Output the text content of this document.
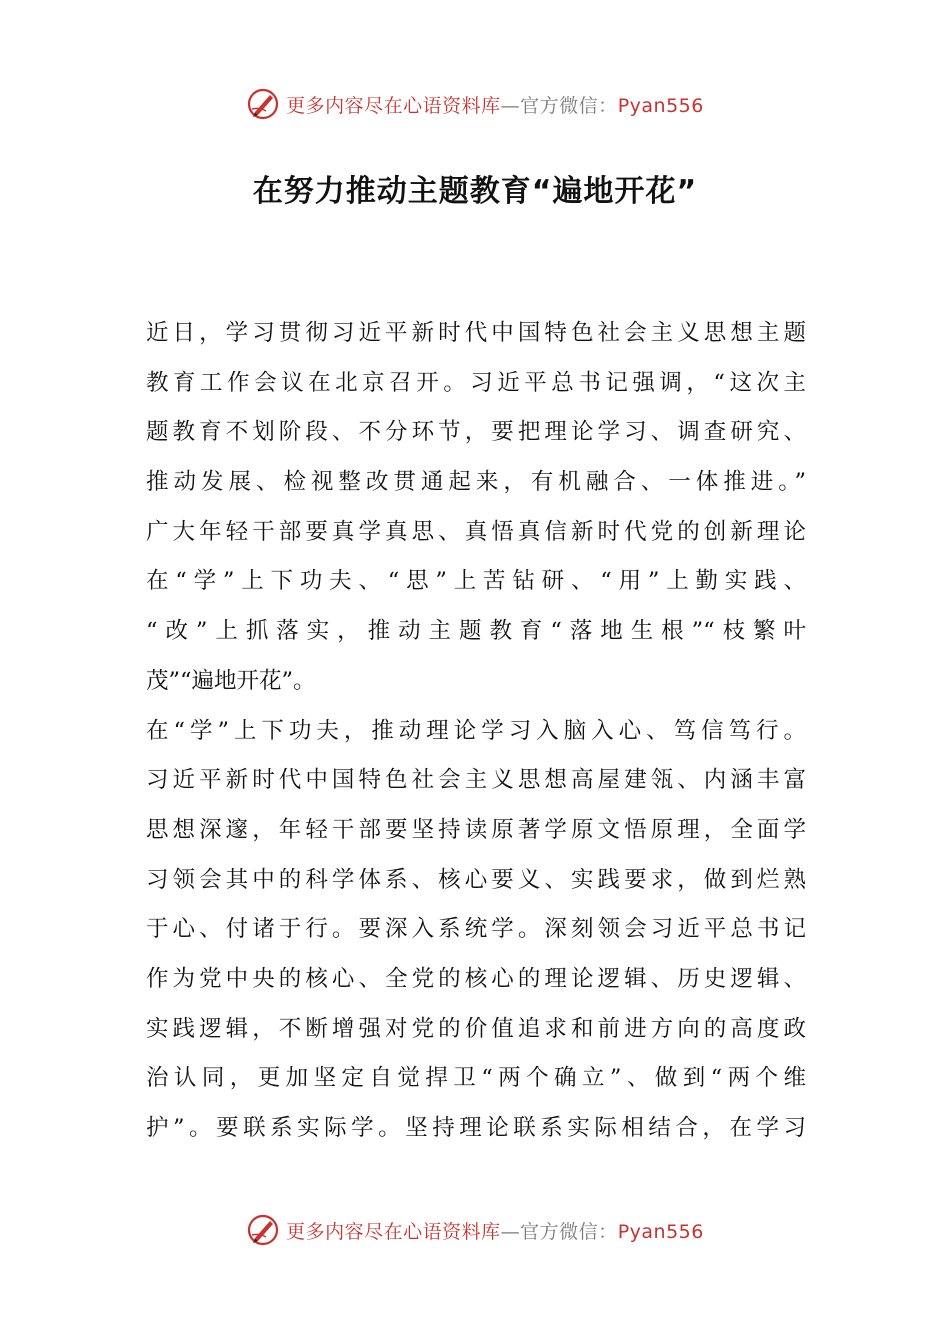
更多内容尽在心语资料库—官方微信：Pyan556
在努力推动主题教育“遍地开花”
近日，学习贯彻习近平新时代中国特色社会主义思想主题
教育工作会议在北京召开。习近平总书记强调，“这次主
题教育不划阶段、不分环节，要把理论学习、调查研究、
推动发展、检视整改贯通起来，有机融合、一体推进。”
广大年轻干部要真学真思、真悟真信新时代党的创新理论
在“学”上下功夫、“思”上苦钻研、“用”上勤实践、
“改”上抓落实，推动主题教育“落地生根”“枝繁叶
茂”“遍地开花”。
在“学”上下功夫，推动理论学习入脑入心、笃信笃行。
习近平新时代中国特色社会主义思想高屋建瓴、内涵丰富
思想深邃，年轻干部要坚持读原著学原文悟原理，全面学
习领会其中的科学体系、核心要义、实践要求，做到烂熟
于心、付诸于行。要深入系统学。深刻领会习近平总书记
作为党中央的核心、全党的核心的理论逻辑、历史逻辑、
实践逻辑，不断增强对党的价值追求和前进方向的高度政
治认同，更加坚定自觉捍卫“两个确立”、做到“两个维
护”。要联系实际学。坚持理论联系实际相结合，在学习
更多内容尽在心语资料库—官方微信：Pyan556
